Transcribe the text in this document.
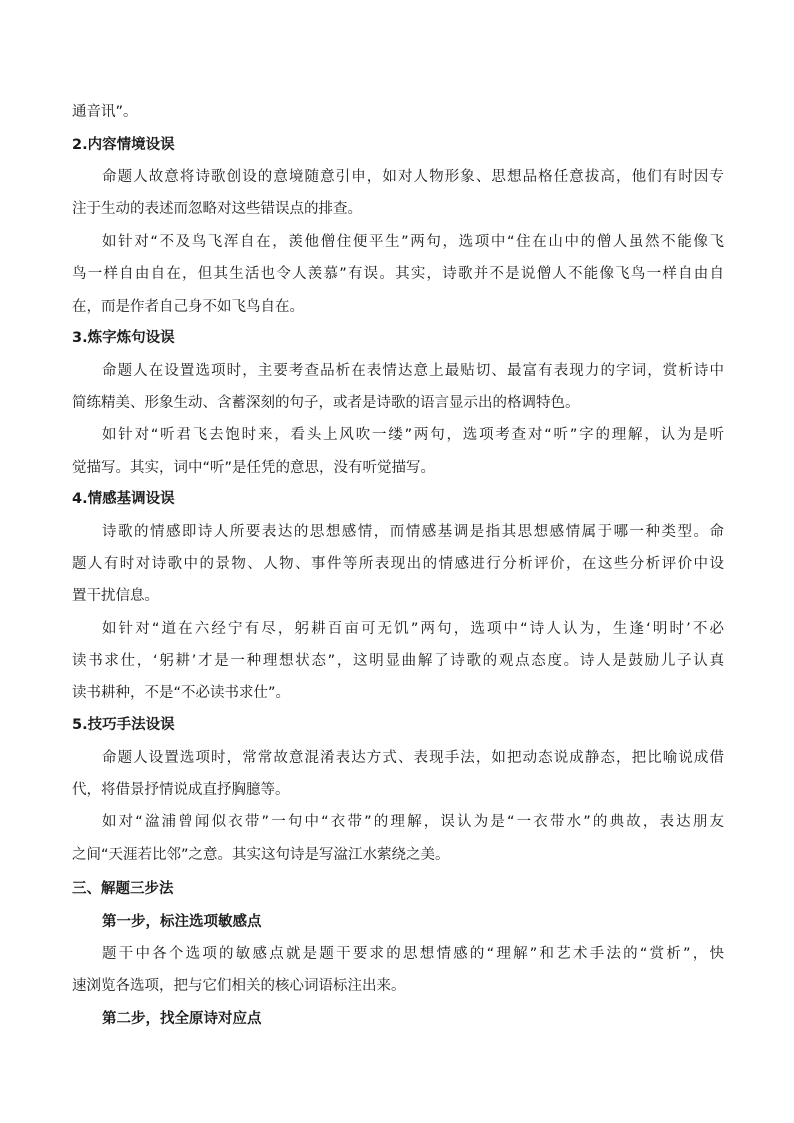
通音讯”。
2.内容情境设误
命题人故意将诗歌创设的意境随意引申，如对人物形象、思想品格任意拔高，他们有时因专
注于生动的表述而忽略对这些错误点的排查。
如针对“不及鸟飞浑自在，羡他僧住便平生”两句，选项中“住在山中的僧人虽然不能像飞
鸟一样自由自在，但其生活也令人羡慕”有误。其实，诗歌并不是说僧人不能像飞鸟一样自由自
在，而是作者自己身不如飞鸟自在。
3.炼字炼句设误
命题人在设置选项时，主要考查品析在表情达意上最贴切、最富有表现力的字词，赏析诗中
简练精美、形象生动、含蓄深刻的句子，或者是诗歌的语言显示出的格调特色。
如针对“听君飞去饱时来，看头上风吹一缕”两句，选项考查对“听”字的理解，认为是听
觉描写。其实，词中“听”是任凭的意思，没有听觉描写。
4.情感基调设误
诗歌的情感即诗人所要表达的思想感情，而情感基调是指其思想感情属于哪一种类型。命
题人有时对诗歌中的景物、人物、事件等所表现出的情感进行分析评价，在这些分析评价中设
置干扰信息。
如针对“道在六经宁有尽，躬耕百亩可无饥”两句，选项中“诗人认为，生逢‘明时’不必
读书求仕，‘躬耕’才是一种理想状态”，这明显曲解了诗歌的观点态度。诗人是鼓励儿子认真
读书耕种，不是“不必读书求仕”。
5.技巧手法设误
命题人设置选项时，常常故意混淆表达方式、表现手法，如把动态说成静态，把比喻说成借
代，将借景抒情说成直抒胸臆等。
如对“湓浦曾闻似衣带”一句中“衣带”的理解，误认为是“一衣带水”的典故，表达朋友
之间“天涯若比邻”之意。其实这句诗是写湓江水萦绕之美。
三、解题三步法
第一步，标注选项敏感点
题干中各个选项的敏感点就是题干要求的思想情感的“理解”和艺术手法的“赏析”，快
速浏览各选项，把与它们相关的核心词语标注出来。
第二步，找全原诗对应点
